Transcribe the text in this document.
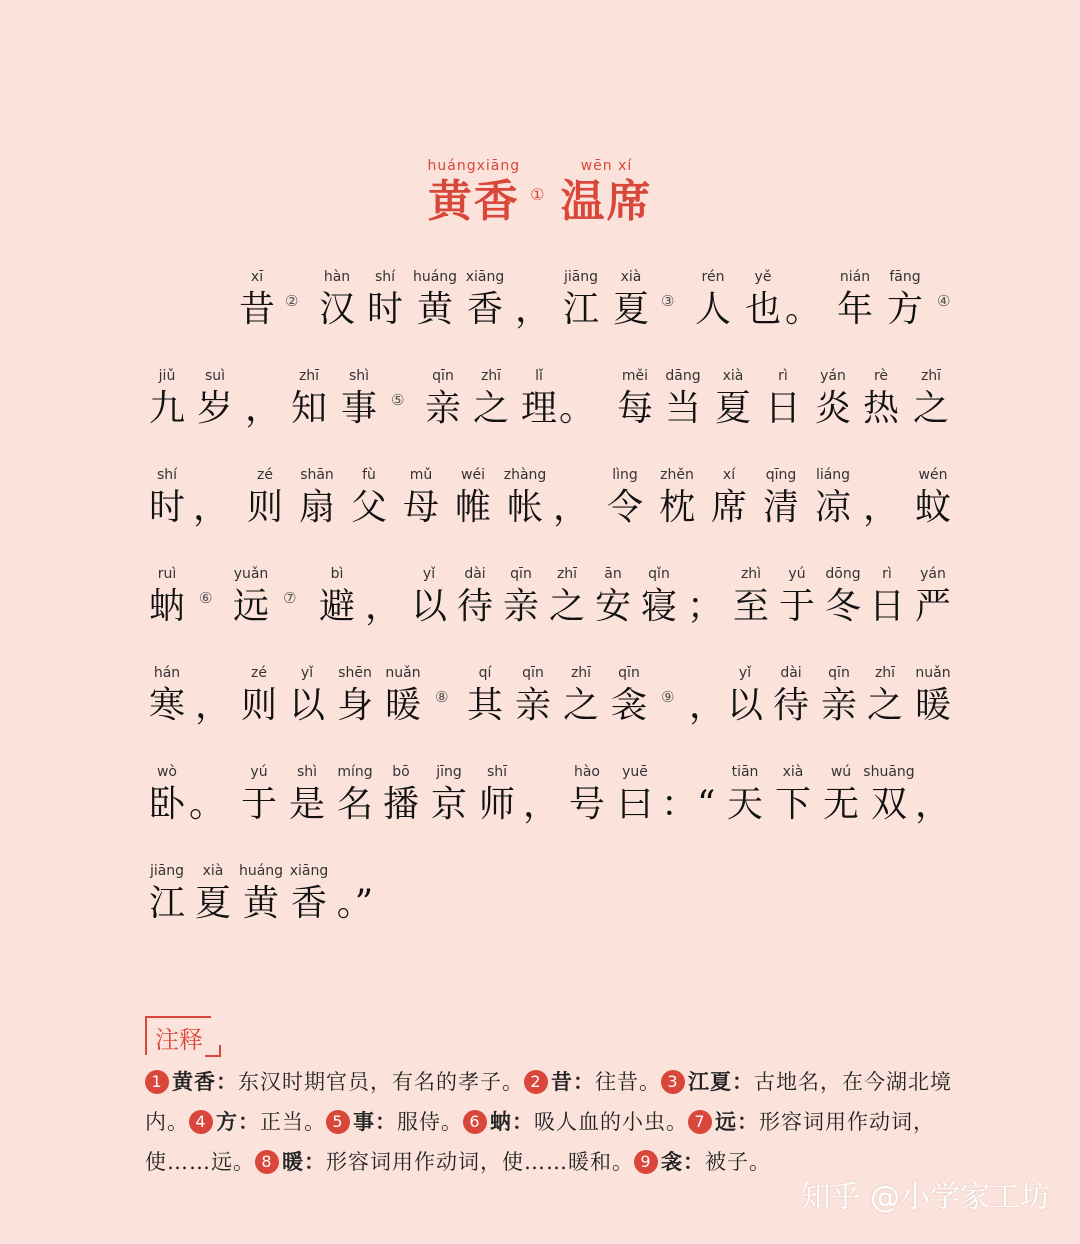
huángxiāng
黄香 ①
wēn xí
温席
xī
昔 ②
hàn
汉
shí
时
huáng
黄
xiāng
香 ，
jiāng
江
xià
夏 ③
rén
人
yě
也 。
nián
年
fāng
方 ④
jiǔ
九
suì
岁 ，
zhī
知
shì
事 ⑤
qīn
亲
zhī
之
lǐ
理 。
měi
每
dāng
当
xià
夏
rì
日
yán
炎
rè
热
zhī
之
shí
时 ，
zé
则
shān
扇
fù
父
mǔ
母
wéi
帷
zhàng
帐 ，
lìng
令
zhěn
枕
xí
席
qīng
清
liáng
凉 ，
wén
蚊
ruì
蚋 ⑥
yuǎn
远 ⑦
bì
避 ，
yǐ
以
dài
待
qīn
亲
zhī
之
ān
安
qǐn
寝 ；
zhì
至
yú
于
dōng
冬
rì
日
yán
严
hán
寒 ，
zé
则
yǐ
以
shēn
身
nuǎn
暖 ⑧
qí
其
qīn
亲
zhī
之
qīn
衾 ⑨ ，
yǐ
以
dài
待
qīn
亲
zhī
之
nuǎn
暖
wò
卧 。
yú
于
shì
是
míng
名
bō
播
jīng
京
shī
师 ，
hào
号
yuē
曰 ：“
tiān
天
xià
下
wú
无
shuāng
双 ，
jiāng
江
xià
夏
huáng
黄
xiāng
香 。”
注释
1 黄香：东汉时期官员，有名的孝子。 2 昔：往昔。 3 江夏：古地名，在今湖北境内。 4 方：正当。 5 事：服侍。 6 蚋：吸人血的小虫。 7 远：形容词用作动词，使……远。 8 暖：形容词用作动词，使……暖和。 9 衾：被子。
知乎 @小学家工坊
